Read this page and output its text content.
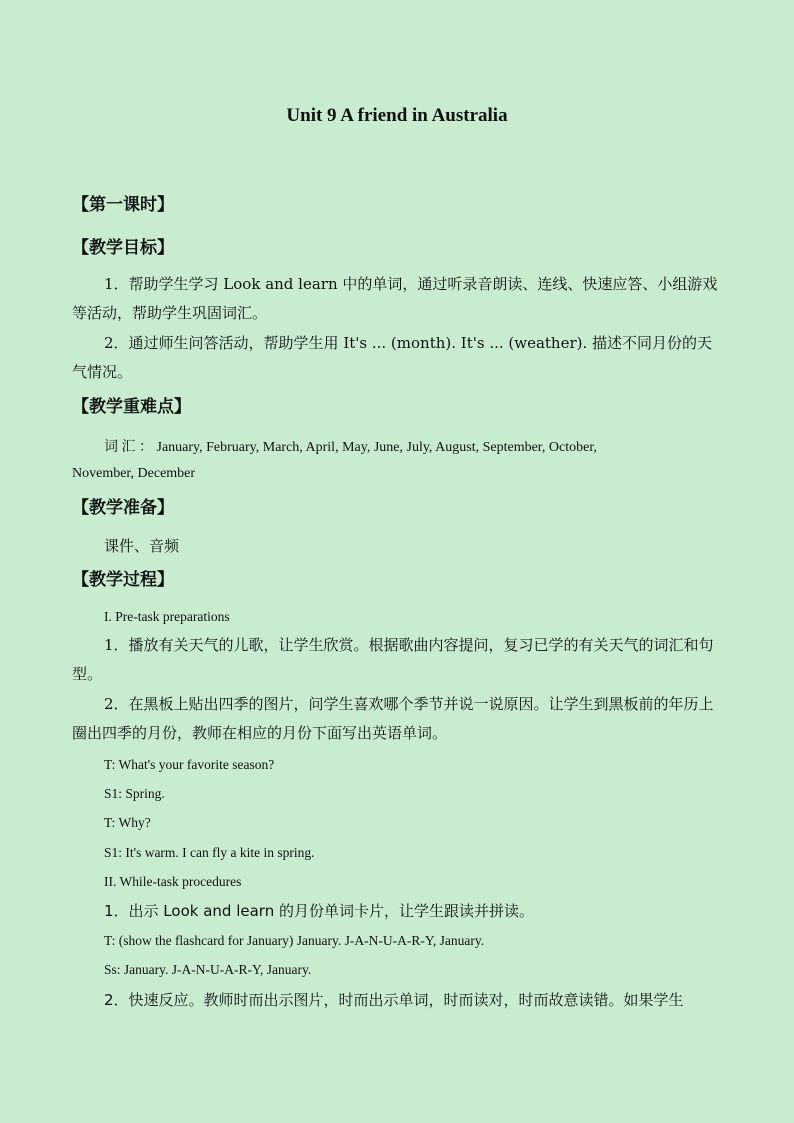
Unit 9 A friend in Australia
【第一课时】
【教学目标】
1．帮助学生学习 Look and learn 中的单词，通过听录音朗读、连线、快速应答、小组游戏等活动，帮助学生巩固词汇。
2．通过师生问答活动，帮助学生用 It's ... (month). It's ... (weather). 描述不同月份的天气情况。
【教学重难点】
词 汇 ： January, February, March, April, May, June, July, August, September, October,
November, December
【教学准备】
课件、音频
【教学过程】
I. Pre-task preparations
1．播放有关天气的儿歌，让学生欣赏。根据歌曲内容提问，复习已学的有关天气的词汇和句型。
2．在黑板上贴出四季的图片，问学生喜欢哪个季节并说一说原因。让学生到黑板前的年历上圈出四季的月份，教师在相应的月份下面写出英语单词。
T: What's your favorite season?
S1: Spring.
T: Why?
S1: It's warm. I can fly a kite in spring.
II. While-task procedures
1．出示 Look and learn 的月份单词卡片，让学生跟读并拼读。
T: (show the flashcard for January) January. J-A-N-U-A-R-Y, January.
Ss: January. J-A-N-U-A-R-Y, January.
2．快速反应。教师时而出示图片，时而出示单词，时而读对，时而故意读错。如果学生
